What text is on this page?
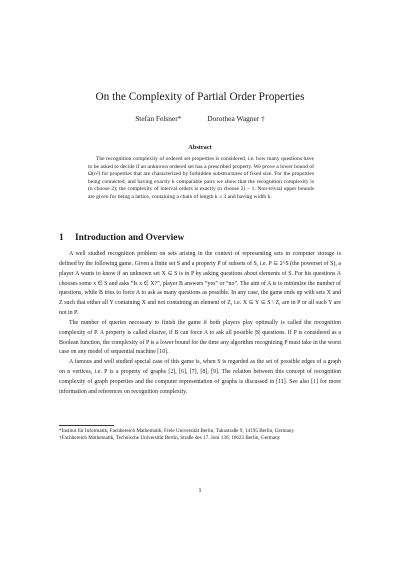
On the Complexity of Partial Order Properties
Stefan Felsner*	Dorothea Wagner †
Abstract
The recognition complexity of ordered set properties is considered, i.e. how many questions have to be asked to decide if an unknown ordered set has a prescribed property. We prove a lower bound of Ω(n²) for properties that are characterized by forbidden substructures of fixed size. For the properties being connected, and having exactly k comparable pairs we show that the recognition complexity is (n choose 2); the complexity of interval orders is exactly (n choose 2) − 1. Non-trivial upper bounds are given for being a lattice, containing a chain of length k ≥ 3 and having width k.
1 Introduction and Overview

A well studied recognition problem on sets arising in the context of representing sets in computer storage is defined by the following game. Given a finite set S and a property P of subsets of S, i.e. P ⊆ 2^S (the powerset of S), a player A wants to know if an unknown set X ⊆ S is in P by asking questions about elements of S. For his questions A chooses some x ∈ S and asks “Is x ∈ X?”, player B answers “yes” or “no”. The aim of A is to minimize the number of questions, while B tries to force A to ask as many questions as possible. In any case, the game ends up with sets X and Z such that either all Y containing X and not containing an element of Z, i.e. X ⊆ Y ⊆ S \ Z, are in P or all such Y are not in P.

The number of queries necessary to finish the game if both players play optimally is called the recognition complexity of P. A property is called elusive, if B can force A to ask all possible |S| questions. If P is considered as a Boolean function, the complexity of P is a lower bound for the time any algorithm recognizing P must take in the worst case on any model of sequential machine [10].

A famous and well studied special case of this game is, when S is regarded as the set of possible edges of a graph on n vertices, i.e. P is a property of graphs [2], [6], [7], [8], [9]. The relation between this concept of recognition complexity of graph properties and the computer representation of graphs is discussed in [11]. See also [1] for more information and references on recognition complexity.

*Institut für Informatik, Fachbereich Mathematik, Freie Universität Berlin, Takustraße 9, 14195 Berlin, Germany

†Fachbereich Mathematik, Technische Universität Berlin, Straße des 17. Juni 136, 10623 Berlin, Germany

1
